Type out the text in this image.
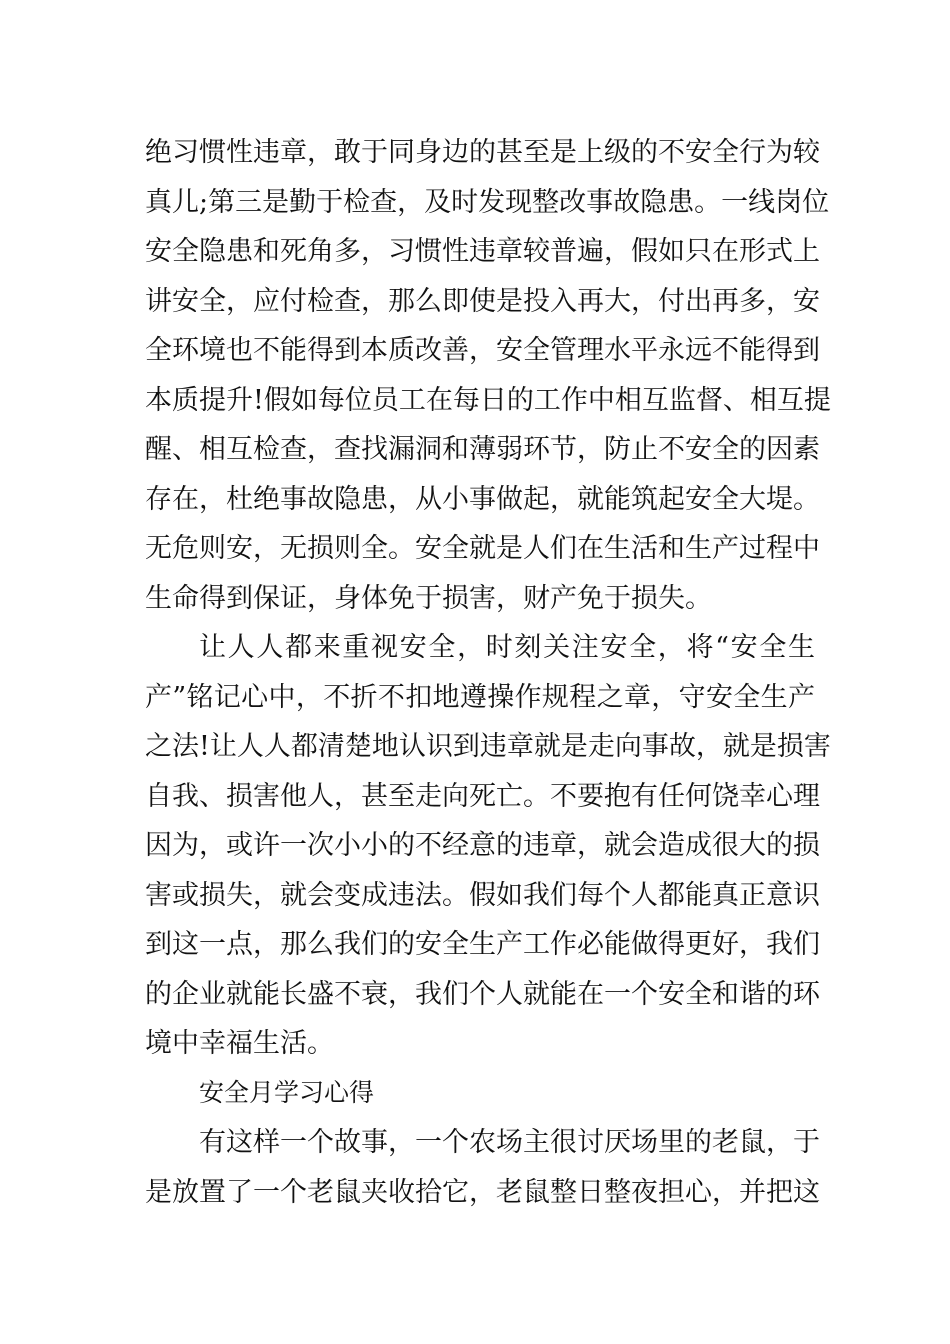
绝习惯性违章，敢于同身边的甚至是上级的不安全行为较
真儿;第三是勤于检查，及时发现整改事故隐患。一线岗位
安全隐患和死角多，习惯性违章较普遍，假如只在形式上
讲安全，应付检查，那么即使是投入再大，付出再多，安
全环境也不能得到本质改善，安全管理水平永远不能得到
本质提升!假如每位员工在每日的工作中相互监督、相互提
醒、相互检查，查找漏洞和薄弱环节，防止不安全的因素
存在，杜绝事故隐患，从小事做起，就能筑起安全大堤。
无危则安，无损则全。安全就是人们在生活和生产过程中
生命得到保证，身体免于损害，财产免于损失。
让人人都来重视安全，时刻关注安全，将“安全生
产”铭记心中，不折不扣地遵操作规程之章，守安全生产
之法!让人人都清楚地认识到违章就是走向事故，就是损害
自我、损害他人，甚至走向死亡。不要抱有任何饶幸心理
因为，或许一次小小的不经意的违章，就会造成很大的损
害或损失，就会变成违法。假如我们每个人都能真正意识
到这一点，那么我们的安全生产工作必能做得更好，我们
的企业就能长盛不衰，我们个人就能在一个安全和谐的环
境中幸福生活。
安全月学习心得
有这样一个故事，一个农场主很讨厌场里的老鼠，于
是放置了一个老鼠夹收拾它，老鼠整日整夜担心，并把这
